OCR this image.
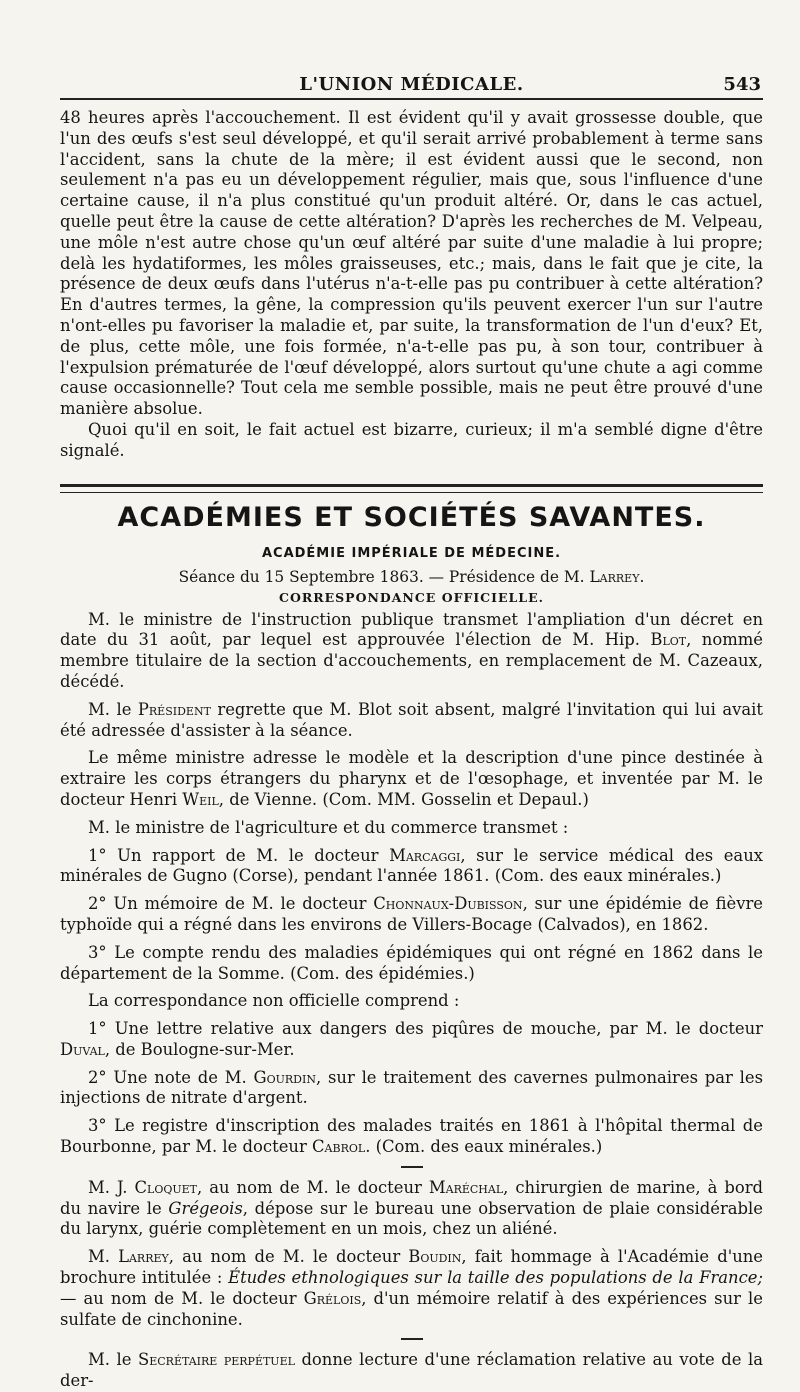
L'UNION MÉDICALE.	543

48 heures après l'accouchement. Il est évident qu'il y avait grossesse double, que l'un des œufs s'est seul développé, et qu'il serait arrivé probablement à terme sans l'accident, sans la chute de la mère; il est évident aussi que le second, non seulement n'a pas eu un développement régulier, mais que, sous l'influence d'une certaine cause, il n'a plus constitué qu'un produit altéré. Or, dans le cas actuel, quelle peut être la cause de cette altération? D'après les recherches de M. Velpeau, une môle n'est autre chose qu'un œuf altéré par suite d'une maladie à lui propre; delà les hydatiformes, les môles graisseuses, etc.; mais, dans le fait que je cite, la présence de deux œufs dans l'utérus n'a-t-elle pas pu contribuer à cette altération? En d'autres termes, la gêne, la compression qu'ils peuvent exercer l'un sur l'autre n'ont-elles pu favoriser la maladie et, par suite, la transformation de l'un d'eux? Et, de plus, cette môle, une fois formée, n'a-t-elle pas pu, à son tour, contribuer à l'expulsion prématurée de l'œuf développé, alors surtout qu'une chute a agi comme cause occasionnelle? Tout cela me semble possible, mais ne peut être prouvé d'une manière absolue.

Quoi qu'il en soit, le fait actuel est bizarre, curieux; il m'a semblé digne d'être signalé.

ACADÉMIES ET SOCIÉTÉS SAVANTES.
ACADÉMIE IMPÉRIALE DE MÉDECINE.
Séance du 15 Septembre 1863. — Présidence de M. Larrey.
CORRESPONDANCE OFFICIELLE.

M. le ministre de l'instruction publique transmet l'ampliation d'un décret en date du 31 août, par lequel est approuvée l'élection de M. Hip. Blot, nommé membre titulaire de la section d'accouchements, en remplacement de M. Cazeaux, décédé.

M. le Président regrette que M. Blot soit absent, malgré l'invitation qui lui avait été adressée d'assister à la séance.

Le même ministre adresse le modèle et la description d'une pince destinée à extraire les corps étrangers du pharynx et de l'œsophage, et inventée par M. le docteur Henri Weil, de Vienne. (Com. MM. Gosselin et Depaul.)

M. le ministre de l'agriculture et du commerce transmet :

1° Un rapport de M. le docteur Marcaggi, sur le service médical des eaux minérales de Gugno (Corse), pendant l'année 1861. (Com. des eaux minérales.)

2° Un mémoire de M. le docteur Chonnaux-Dubisson, sur une épidémie de fièvre typhoïde qui a régné dans les environs de Villers-Bocage (Calvados), en 1862.

3° Le compte rendu des maladies épidémiques qui ont régné en 1862 dans le département de la Somme. (Com. des épidémies.)

La correspondance non officielle comprend :

1° Une lettre relative aux dangers des piqûres de mouche, par M. le docteur Duval, de Boulogne-sur-Mer.

2° Une note de M. Gourdin, sur le traitement des cavernes pulmonaires par les injections de nitrate d'argent.

3° Le registre d'inscription des malades traités en 1861 à l'hôpital thermal de Bourbonne, par M. le docteur Cabrol. (Com. des eaux minérales.)

M. J. Cloquet, au nom de M. le docteur Maréchal, chirurgien de marine, à bord du navire le Grégeois, dépose sur le bureau une observation de plaie considérable du larynx, guérie complètement en un mois, chez un aliéné.

M. Larrey, au nom de M. le docteur Boudin, fait hommage à l'Académie d'une brochure intitulée : Études ethnologiques sur la taille des populations de la France; — au nom de M. le docteur Grélois, d'un mémoire relatif à des expériences sur le sulfate de cinchonine.

M. le Secrétaire perpétuel donne lecture d'une réclamation relative au vote de la der-
